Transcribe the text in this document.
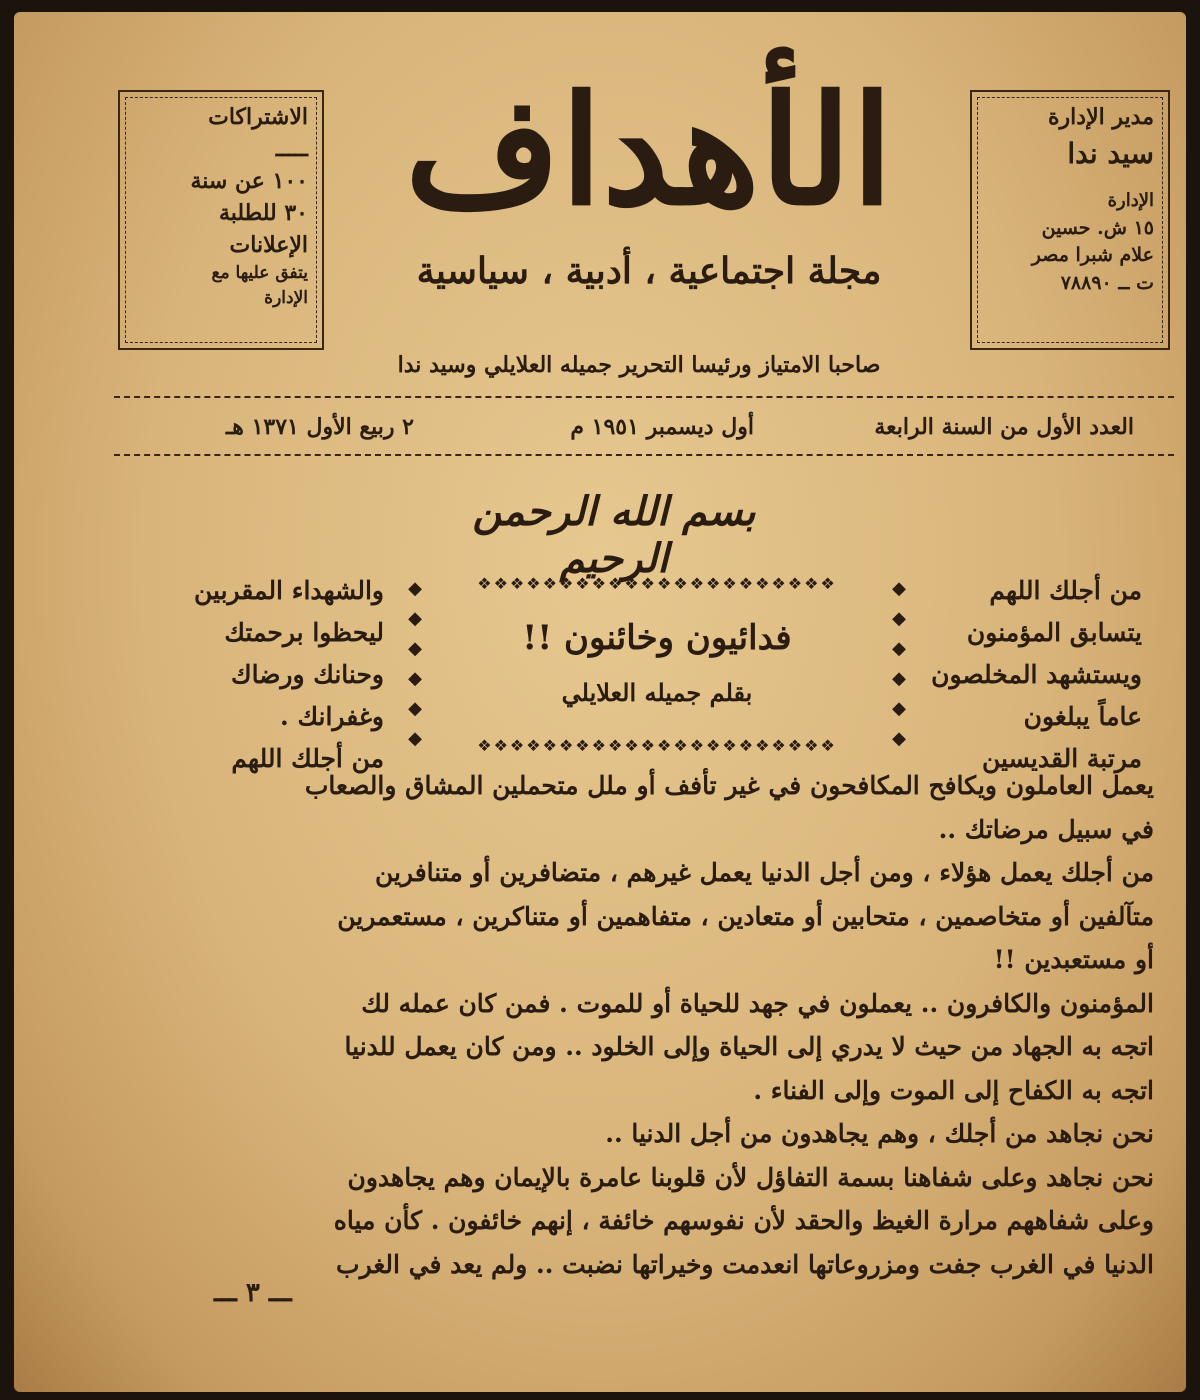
الاشتراكات

ـــــ

١٠٠ عن سنة

٣٠ للطلبة

الإعلانات

يتفق عليها مع

الإدارة

الأهداف
مجلة اجتماعية ، أدبية ، سياسية

مدير الإدارة

سيد ندا

الإدارة

١٥ ش. حسين

علام شبرا مصر

ت ــ ٧٨٨٩٠

صاحبا الامتياز ورئيسا التحرير جميله العلايلي وسيد ندا
العدد الأول من السنة الرابعة
أول ديسمبر ١٩٥١ م
٢ ربيع الأول ١٣٧١ هـ
بسم الله الرحمن الرحيم
من أجلك اللهم
يتسابق المؤمنون
ويستشهد المخلصون
عاماً يبلغون
مرتبة القديسين
❖❖❖❖❖❖❖❖❖❖❖❖❖❖❖❖❖❖❖❖❖❖
❖❖❖❖❖❖❖❖❖❖❖❖❖❖❖❖❖❖❖❖❖❖
◆
◆
◆
◆
◆
◆
◆
◆
◆
◆
◆
◆
فدائيون وخائنون !!
بقلم جميله العلايلي
والشهداء المقربين
ليحظوا برحمتك
وحنانك ورضاك
وغفرانك .
من أجلك اللهم
يعمل العاملون ويكافح المكافحون في غير تأفف أو ملل متحملين المشاق والصعاب
في سبيل مرضاتك ..
من أجلك يعمل هؤلاء ، ومن أجل الدنيا يعمل غيرهم ، متضافرين أو متنافرين
متآلفين أو متخاصمين ، متحابين أو متعادين ، متفاهمين أو متناكرين ، مستعمرين
أو مستعبدين !!
المؤمنون والكافرون .. يعملون في جهد للحياة أو للموت . فمن كان عمله لك
اتجه به الجهاد من حيث لا يدري إلى الحياة وإلى الخلود .. ومن كان يعمل للدنيا
اتجه به الكفاح إلى الموت وإلى الفناء .
نحن نجاهد من أجلك ، وهم يجاهدون من أجل الدنيا ..
نحن نجاهد وعلى شفاهنا بسمة التفاؤل لأن قلوبنا عامرة بالإيمان وهم يجاهدون
وعلى شفاههم مرارة الغيظ والحقد لأن نفوسهم خائفة ، إنهم خائفون . كأن مياه
الدنيا في الغرب جفت ومزروعاتها انعدمت وخيراتها نضبت .. ولم يعد في الغرب
ـــ ٣ ـــ
